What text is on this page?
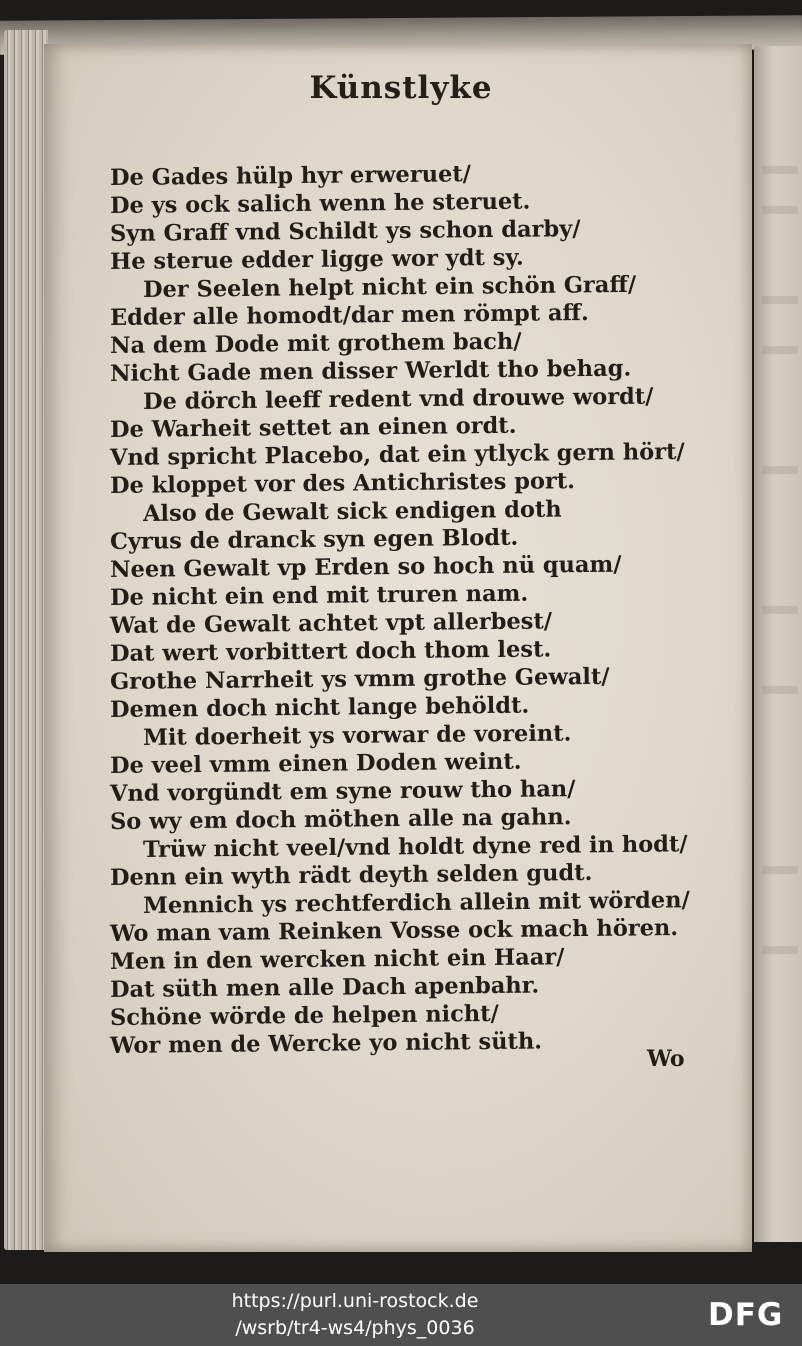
Künstlyke
De Gades hülp hyr erweruet/
De ys ock salich wenn he steruet.
Syn Graff vnd Schildt ys schon darby/
He sterue edder ligge wor ydt sy.
Der Seelen helpt nicht ein schön Graff/
Edder alle homodt/dar men römpt aff.
Na dem Dode mit grothem bach/
Nicht Gade men disser Werldt tho behag.
De dörch leeff redent vnd drouwe wordt/
De Warheit settet an einen ordt.
Vnd spricht Placebo, dat ein ytlyck gern hört/
De kloppet vor des Antichristes port.
Also de Gewalt sick endigen doth
Cyrus de dranck syn egen Blodt.
Neen Gewalt vp Erden so hoch nü quam/
De nicht ein end mit truren nam.
Wat de Gewalt achtet vpt allerbest/
Dat wert vorbittert doch thom lest.
Grothe Narrheit ys vmm grothe Gewalt/
Demen doch nicht lange behöldt.
Mit doerheit ys vorwar de voreint.
De veel vmm einen Doden weint.
Vnd vorgündt em syne rouw tho han/
So wy em doch möthen alle na gahn.
Trüw nicht veel/vnd holdt dyne red in hodt/
Denn ein wyth rädt deyth selden gudt.
Mennich ys rechtferdich allein mit wörden/
Wo man vam Reinken Vosse ock mach hören.
Men in den wercken nicht ein Haar/
Dat süth men alle Dach apenbahr.
Schöne wörde de helpen nicht/
Wor men de Wercke yo nicht süth.
Wo
https://purl.uni-rostock.de
/wsrb/tr4-ws4/phys_0036	DFG
